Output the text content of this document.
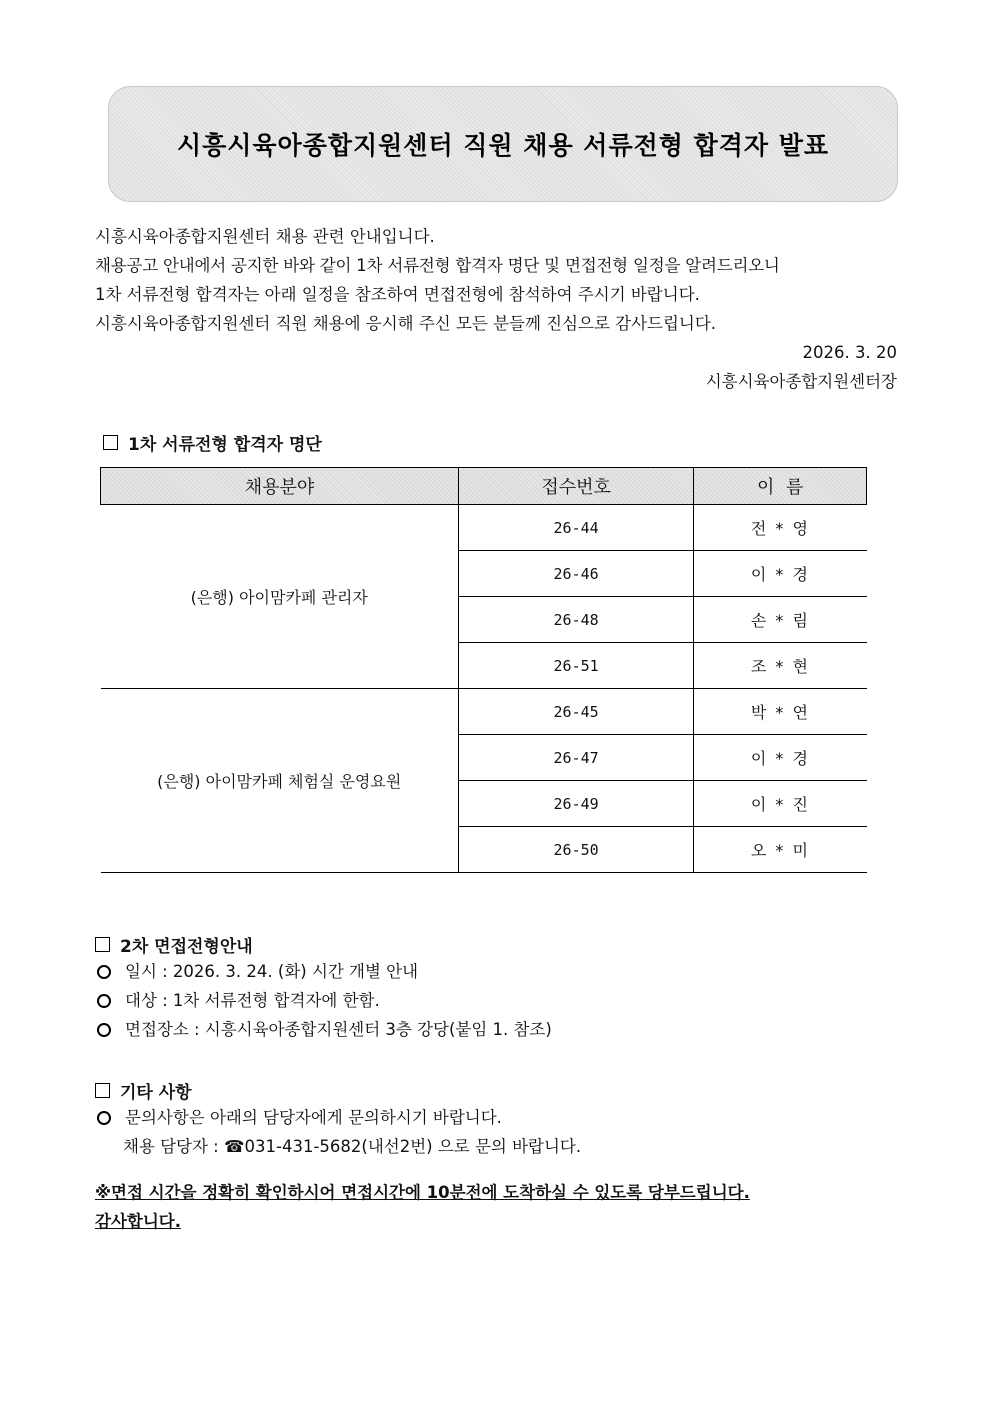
시흥시육아종합지원센터 직원 채용 서류전형 합격자 발표

시흥시육아종합지원센터 채용 관련 안내입니다.

채용공고 안내에서 공지한 바와 같이 1차 서류전형 합격자 명단 및 면접전형 일정을 알려드리오니

1차 서류전형 합격자는 아래 일정을 참조하여 면접전형에 참석하여 주시기 바랍니다.

시흥시육아종합지원센터 직원 채용에 응시해 주신 모든 분들께 진심으로 감사드립니다.

2026. 3. 20

시흥시육아종합지원센터장

1차 서류전형 합격자 명단
채용분야	접수번호	이  름
(은행) 아이맘카페 관리자	26-44	전 * 영
	26-46	이 * 경
	26-48	손 * 림
	26-51	조 * 현
(은행) 아이맘카페 체험실 운영요원	26-45	박 * 연
	26-47	이 * 경
	26-49	이 * 진
	26-50	오 * 미
2차 면접전형안내
일시 : 2026. 3. 24. (화) 시간 개별 안내
대상 : 1차 서류전형 합격자에 한함.
면접장소 : 시흥시육아종합지원센터 3층 강당(붙임 1. 참조)
기타 사항
문의사항은 아래의 담당자에게 문의하시기 바랍니다.
채용 담당자 : ☎031-431-5682(내선2번) 으로 문의 바랍니다.

※면접 시간을 정확히 확인하시어 면접시간에 10분전에 도착하실 수 있도록 당부드립니다.

감사합니다.
